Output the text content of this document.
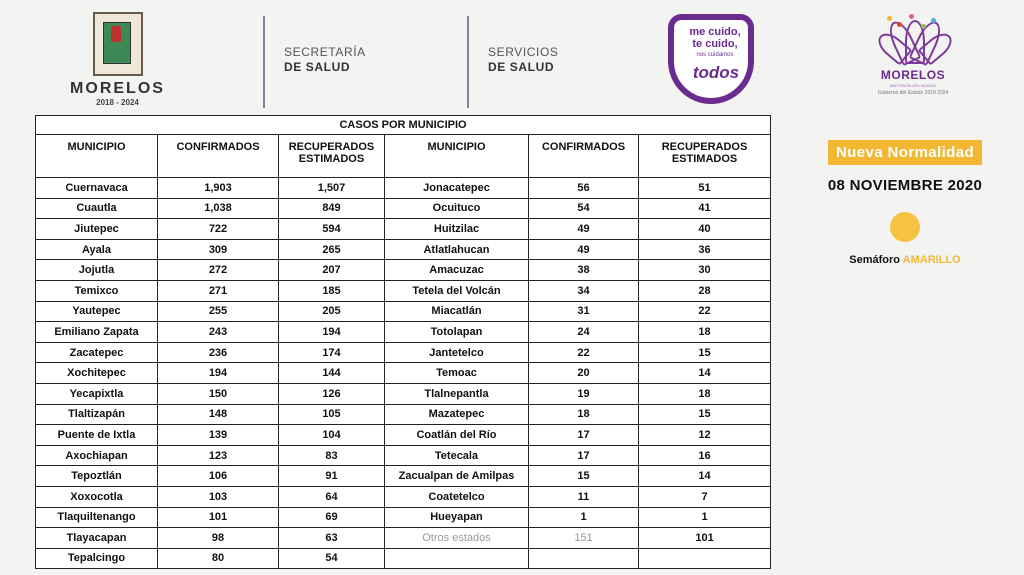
MORELOS
2018 - 2024
SECRETARÍA
DE SALUD
SERVICIOS
DE SALUD
me cuido,
te cuido,
nos cuidamos
todos	MORELOS
ANFITRIÓN DEL MUNDO
Gobierno del Estado 2018 2024
CASOS POR MUNICIPIO					
MUNICIPIO	CONFIRMADOS	RECUPERADOS ESTIMADOS	MUNICIPIO	CONFIRMADOS	RECUPERADOS ESTIMADOS
Cuernavaca	1,903	1,507	Jonacatepec	56	51
Cuautla	1,038	849	Ocuituco	54	41
Jiutepec	722	594	Huitzilac	49	40
Ayala	309	265	Atlatlahucan	49	36
Jojutla	272	207	Amacuzac	38	30
Temixco	271	185	Tetela del Volcán	34	28
Yautepec	255	205	Miacatlán	31	22
Emiliano Zapata	243	194	Totolapan	24	18
Zacatepec	236	174	Jantetelco	22	15
Xochitepec	194	144	Temoac	20	14
Yecapixtla	150	126	Tlalnepantla	19	18
Tlaltizapán	148	105	Mazatepec	18	15
Puente de Ixtla	139	104	Coatlán del Río	17	12
Axochiapan	123	83	Tetecala	17	16
Tepoztlán	106	91	Zacualpan de Amilpas	15	14
Xoxocotla	103	64	Coatetelco	11	7
Tlaquiltenango	101	69	Hueyapan	1	1
Tlayacapan	98	63	Otros estados	151	101
Tepalcingo	80	54			
Nueva Normalidad
08 NOVIEMBRE 2020
Semáforo AMARILLO
